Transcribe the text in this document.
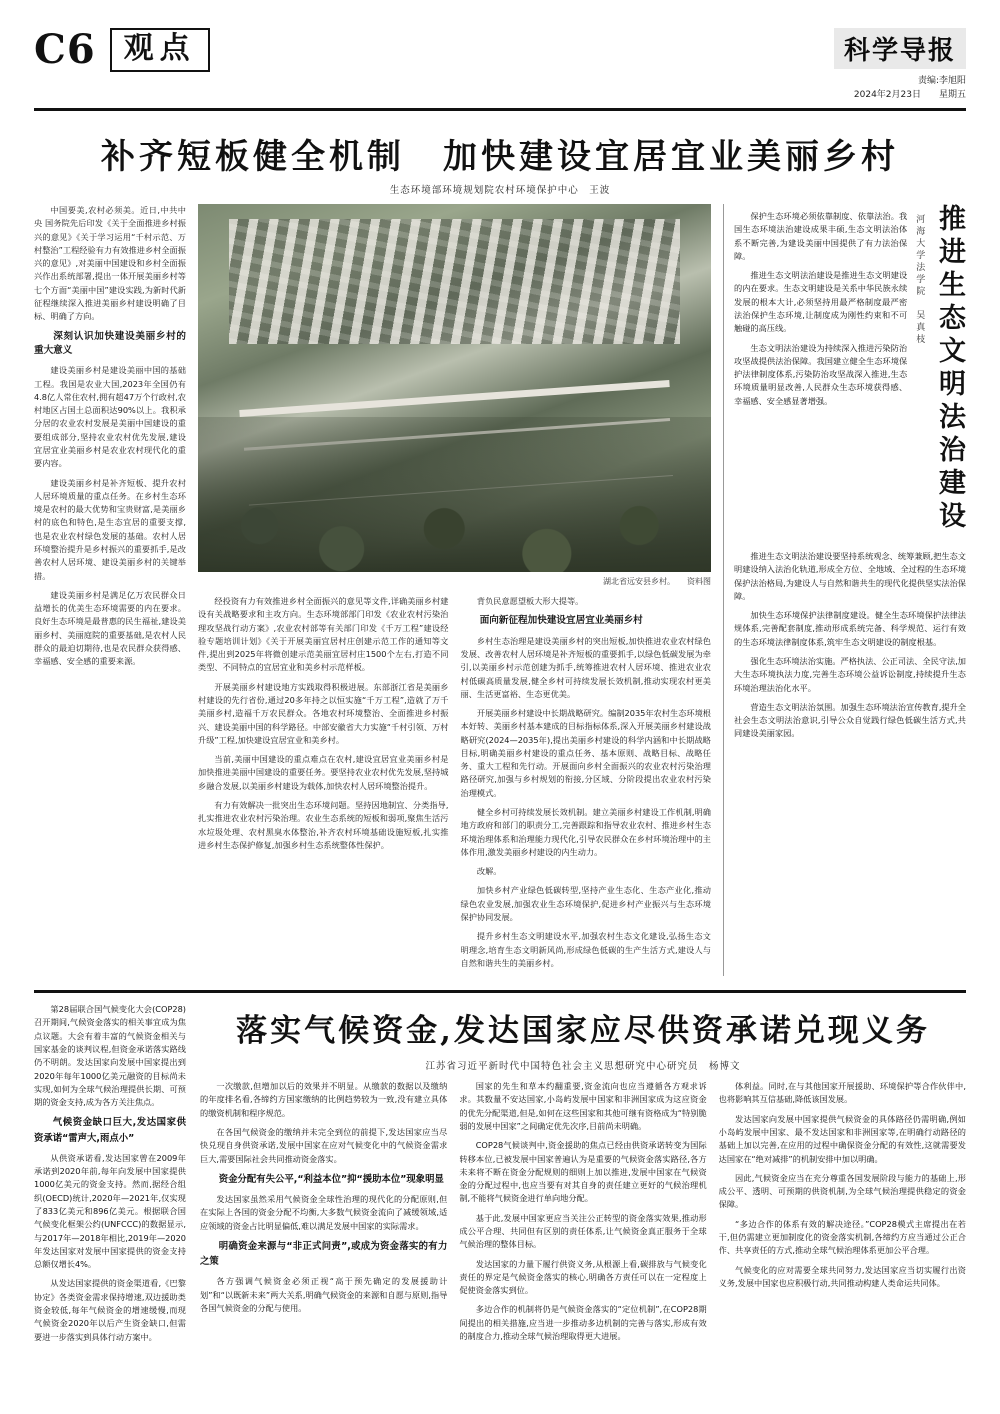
C6 观点	科学导报
责编:李旭阳
2024年2月23日 星期五
补齐短板健全机制　加快建设宜居宜业美丽乡村
生态环境部环境规划院农村环境保护中心　王波

中国要美,农村必须美。近日,中共中央 国务院先后印发《关于全面推进乡村振兴的意见》《关于学习运用“千村示范、万村整治”工程经验有力有效推进乡村全面振兴的意见》,对美丽中国建设和乡村全面振兴作出系统部署,提出一体开展美丽乡村等七个方面“美丽中国”建设实践,为新时代新征程继续深入推进美丽乡村建设明确了目标、明确了方向。

深刻认识加快建设美丽乡村的重大意义

建设美丽乡村是建设美丽中国的基础工程。我国是农业大国,2023年全国仍有4.8亿人常住农村,拥有超47万个行政村,农村地区占国土总面积达90%以上。我积承分居的农业农村发展是美丽中国建设的重要组成部分,坚持农业农村优先发展,建设宜居宜业美丽乡村是农业农村现代化的重要内容。

建设美丽乡村是补齐短板、提升农村人居环境质量的重点任务。在乡村生态环境是农村的最大优势和宝贵财富,是美丽乡村的底色和特色,是生态宜居的重要支撑,也是农业农村绿色发展的基础。农村人居环境整治提升是乡村振兴的重要抓手,是改善农村人居环境、建设美丽乡村的关键举措。

建设美丽乡村是满足亿万农民群众日益增长的优美生态环境需要的内在要求。良好生态环境是最普惠的民生福祉,建设美丽乡村、美丽庭院的重要基础,是农村人民群众的最迫切期待,也是农民群众获得感、幸福感、安全感的重要来源。

湖北省远安县乡村。　　资料图

经投资有力有效推进乡村全面振兴的意见等文件,详确美丽乡村建设有关战略要求和主攻方向。生态环境部部门印发《农业农村污染治理攻坚战行动方案》,农业农村部等有关部门印发《千万工程”建设经验专题培训计划》《关于开展美丽宜居村庄创建示范工作的通知等文件,提出到2025年将微创建示范美丽宜居村庄1500个左右,打造不同类型、不同特点的宜居宜业和美乡村示范样板。

开展美丽乡村建设地方实践取得积极进展。东部浙江省是美丽乡村建设的先行省份,通过20多年持之以恒实施“千万工程”,造就了万千美丽乡村,造福千万农民群众。各地农村环境整治、全面推进乡村振兴、建设美丽中国的科学路径。中部安徽省大力实施“千村引领、万村升级”工程,加快建设宜居宜业和美乡村。

当前,美丽中国建设的重点难点在农村,建设宜居宜业美丽乡村是加快推进美丽中国建设的重要任务。要坚持农业农村优先发展,坚持城乡融合发展,以美丽乡村建设为载体,加快农村人居环境整治提升。

有力有效解决一批突出生态环境问题。坚持因地制宜、分类指导,扎实推进农业农村污染治理。农业生态系统的短板和弱项,聚焦生活污水垃圾处理、农村黑臭水体整治,补齐农村环境基础设施短板,扎实推进乡村生态保护修复,加强乡村生态系统整体性保护。

背负民意愿望板大形大提等。

面向新征程加快建设宜居宜业美丽乡村

乡村生态治理是建设美丽乡村的突出短板,加快推进农业农村绿色发展、改善农村人居环境是补齐短板的重要抓手,以绿色低碳发展为牵引,以美丽乡村示范创建为抓手,统筹推进农村人居环境、推进农业农村低碳高质量发展,健全乡村可持续发展长效机制,推动实现农村更美丽、生活更富裕、生态更优美。

开展美丽乡村建设中长期战略研究。编制2035年农村生态环境根本好转、美丽乡村基本建成的目标指标体系,深入开展美丽乡村建设战略研究(2024—2035年),提出美丽乡村建设的科学内涵和中长期战略目标,明确美丽乡村建设的重点任务、基本原则、战略目标、战略任务、重大工程和先行动。开展面向乡村全面振兴的农业农村污染治理路径研究,加强与乡村规划的衔接,分区域、分阶段提出农业农村污染治理模式。

健全乡村可持续发展长效机制。建立美丽乡村建设工作机制,明确地方政府和部门的职责分工,完善跟踪和指导农业农村、推进乡村生态环境治理体系和治理能力现代化,引导农民群众在乡村环境治理中的主体作用,激发美丽乡村建设的内生动力。

改解。

加快乡村产业绿色低碳转型,坚持产业生态化、生态产业化,推动绿色农业发展,加强农业生态环境保护,促进乡村产业振兴与生态环境保护协同发展。

提升乡村生态文明建设水平,加强农村生态文化建设,弘扬生态文明理念,培育生态文明新风尚,形成绿色低碳的生产生活方式,建设人与自然和谐共生的美丽乡村。

保护生态环境必须依靠制度、依靠法治。我国生态环境法治建设成果丰硕,生态文明法治体系不断完善,为建设美丽中国提供了有力法治保障。

推进生态文明法治建设是推进生态文明建设的内在要求。生态文明建设是关系中华民族永续发展的根本大计,必须坚持用最严格制度最严密法治保护生态环境,让制度成为刚性约束和不可触碰的高压线。

生态文明法治建设为持续深入推进污染防治攻坚战提供法治保障。我国建立健全生态环境保护法律制度体系,污染防治攻坚战深入推进,生态环境质量明显改善,人民群众生态环境获得感、幸福感、安全感显著增强。

河海大学法学院　吴真枝 推进生态文明法治建设

推进生态文明法治建设要坚持系统观念、统筹兼顾,把生态文明建设纳入法治化轨道,形成全方位、全地域、全过程的生态环境保护法治格局,为建设人与自然和谐共生的现代化提供坚实法治保障。

加快生态环境保护法律制度建设。健全生态环境保护法律法规体系,完善配套制度,推动形成系统完备、科学规范、运行有效的生态环境法律制度体系,筑牢生态文明建设的制度根基。

强化生态环境法治实施。严格执法、公正司法、全民守法,加大生态环境执法力度,完善生态环境公益诉讼制度,持续提升生态环境治理法治化水平。

营造生态文明法治氛围。加强生态环境法治宣传教育,提升全社会生态文明法治意识,引导公众自觉践行绿色低碳生活方式,共同建设美丽家园。

第28届联合国气候变化大会(COP28)召开期间,气候资金落实的相关事宜成为焦点议题。大会有着丰富的气候资金相关与国家基金的谈判议程,但资金承诺落实路线仍不明朗。发达国家向发展中国家提出到2020年每年1000亿美元融资的目标尚未实现,如何为全球气候治理提供长期、可预期的资金支持,成为各方关注焦点。

气候资金缺口巨大,发达国家供资承诺“雷声大,雨点小”

从供资承诺看,发达国家曾在2009年承诺到2020年前,每年向发展中国家提供1000亿美元的资金支持。然而,据经合组织(OECD)统计,2020年—2021年,仅实现了833亿美元和896亿美元。根据联合国气候变化框架公约(UNFCCC)的数据显示,与2017年—2018年相比,2019年—2020年发达国家对发展中国家提供的资金支持总额仅增长4%。

从发达国家提供的资金渠道看,《巴黎协定》各类资金需求保持增速,双边援助类资金较低,每年气候资金的增速缓慢,而现气候资金2020年以后产生资金缺口,但需要进一步落实到具体行动方案中。

落实气候资金,发达国家应尽供资承诺兑现义务
江苏省习近平新时代中国特色社会主义思想研究中心研究员　杨博文

一次缴款,但增加以后的效果并不明显。从缴款的数据以及缴纳的年度排名看,各缔约方国家缴纳的比例趋势较为一致,没有建立具体的缴资机制和程序规范。

在各国气候资金的缴纳并未完全到位的前提下,发达国家应当尽快兑现自身供资承诺,发展中国家在应对气候变化中的气候资金需求巨大,需要国际社会共同推动资金落实。

资金分配有失公平,“利益本位”抑“援助本位”现象明显

发达国家虽然采用气候资金全球性治理的现代化的分配原则,但在实际上各国的资金分配不均衡,大多数气候资金流向了减缓领域,适应领域的资金占比明显偏低,难以满足发展中国家的实际需求。

明确资金来源与“非正式问责”,或成为资金落实的有力之策

各方强调气候资金必须正视“高于预先确定的发展援助计划”和“以既新未来”两大关系,明确气候资金的来源和自愿与原则,指导各国气候资金的分配与使用。

国家的先生和草本约翻重要,资金流向也应当遵循各方观求诉求。其数量不安达国家,小岛屿发展中国家和非洲国家成为这应资金的优先分配渠道,但是,如何在这些国家和其他可继有资格成为“特别脆弱的发展中国家”之间确定优先次序,目前尚未明确。

COP28气候谈判中,资金援助的焦点已经由供资承诺转变为国际转移本位,已被发展中国家普遍认为是重要的气候资金落实路径,各方未来将不断在资金分配规则的细则上加以推进,发展中国家在气候资金的分配过程中,也应当要有对其自身的责任建立更好的气候治理机制,不能将气候资金进行单向地分配。

基于此,发展中国家更应当关注公正转型的资金落实效果,推动形成公平合理、共同但有区别的责任体系,让气候资金真正服务于全球气候治理的整体目标。

发达国家的力量下履行供资义务,从根源上看,碳排放与气候变化责任的界定是气候资金落实的核心,明确各方责任可以在一定程度上促使资金落实到位。

多边合作的机制将仍是气候资金落实的“定位机制”,在COP28期间提出的相关措施,应当进一步推动多边机制的完善与落实,形成有效的制度合力,推动全球气候治理取得更大进展。

体利益。同时,在与其他国家开展援助、环境保护等合作伙伴中,也将影响其互信基础,降低该国发展。

发达国家向发展中国家提供气候资金的具体路径仍需明确,例如小岛屿发展中国家、最不发达国家和非洲国家等,在明确行动路径的基础上加以完善,在应用的过程中确保资金分配的有效性,这就需要发达国家在“绝对减排”的机制安排中加以明确。

因此,气候资金应当在充分尊重各国发展阶段与能力的基础上,形成公平、透明、可预期的供资机制,为全球气候治理提供稳定的资金保障。

“多边合作的体系有效的解决途径。”COP28模式主席提出在若干,但仍需建立更加制度化的资金落实机制,各缔约方应当通过公正合作、共享责任的方式,推动全球气候治理体系更加公平合理。

气候变化的应对需要全球共同努力,发达国家应当切实履行出资义务,发展中国家也应积极行动,共同推动构建人类命运共同体。
